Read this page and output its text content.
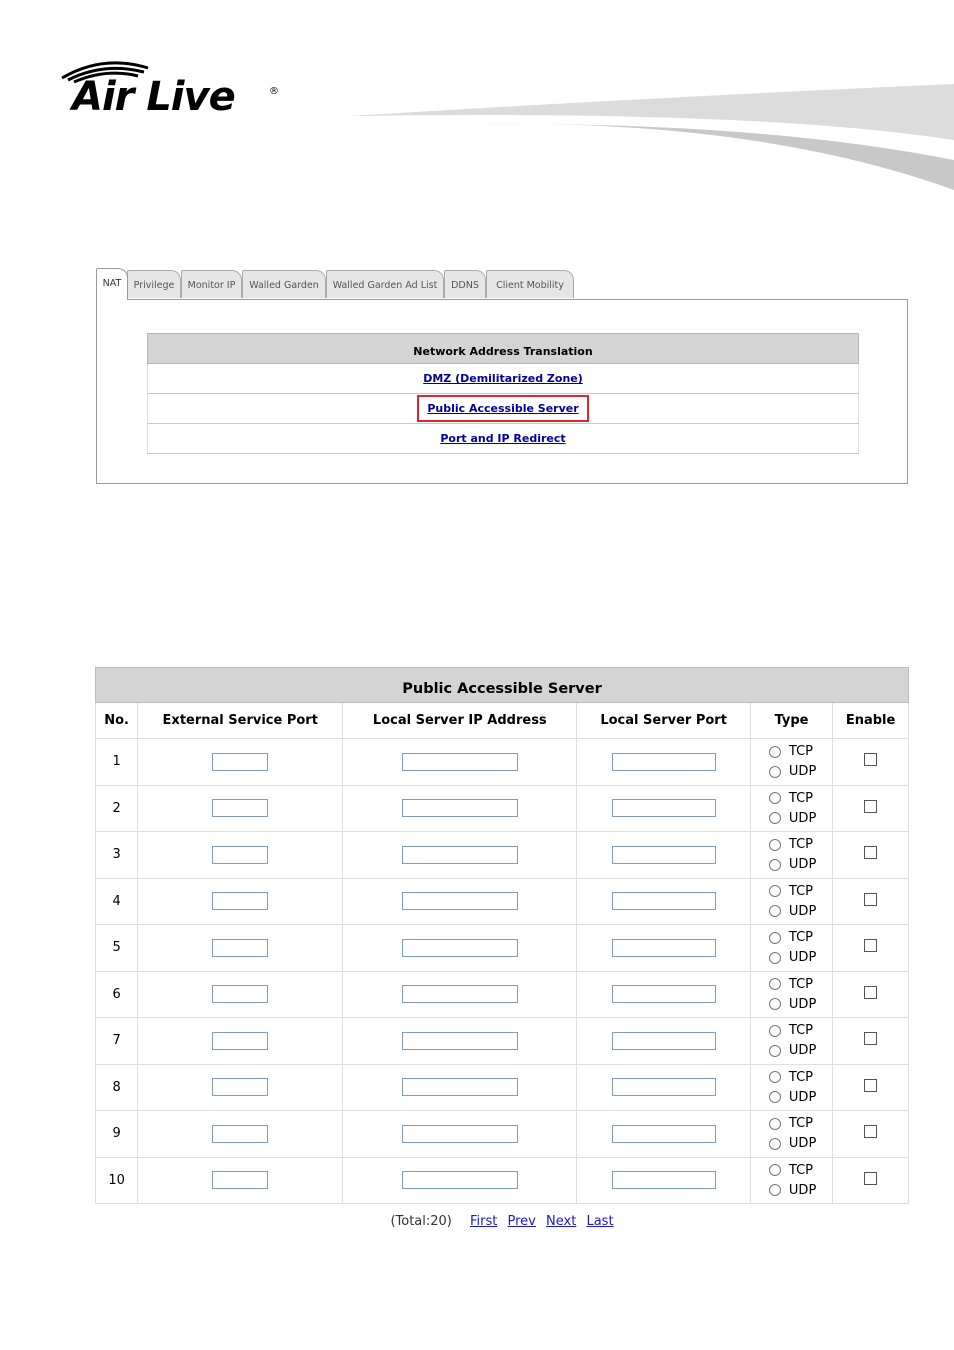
Air Live	®
NAT	Privilege	Monitor IP	Walled Garden	Walled Garden Ad List	DDNS	Client Mobility
Network Address Translation
DMZ (Demilitarized Zone)
Public Accessible Server
Port and IP Redirect
Public Accessible Server					
No.	External Service Port	Local Server IP Address	Local Server Port	Type	Enable
1				TCP
UDP	

2				TCP
UDP	

3				TCP
UDP	

4				TCP
UDP	

5				TCP
UDP	

6				TCP
UDP	

7				TCP
UDP	

8				TCP
UDP	

9				TCP
UDP	

10				TCP
UDP	

(Total:20) First Prev Next Last
